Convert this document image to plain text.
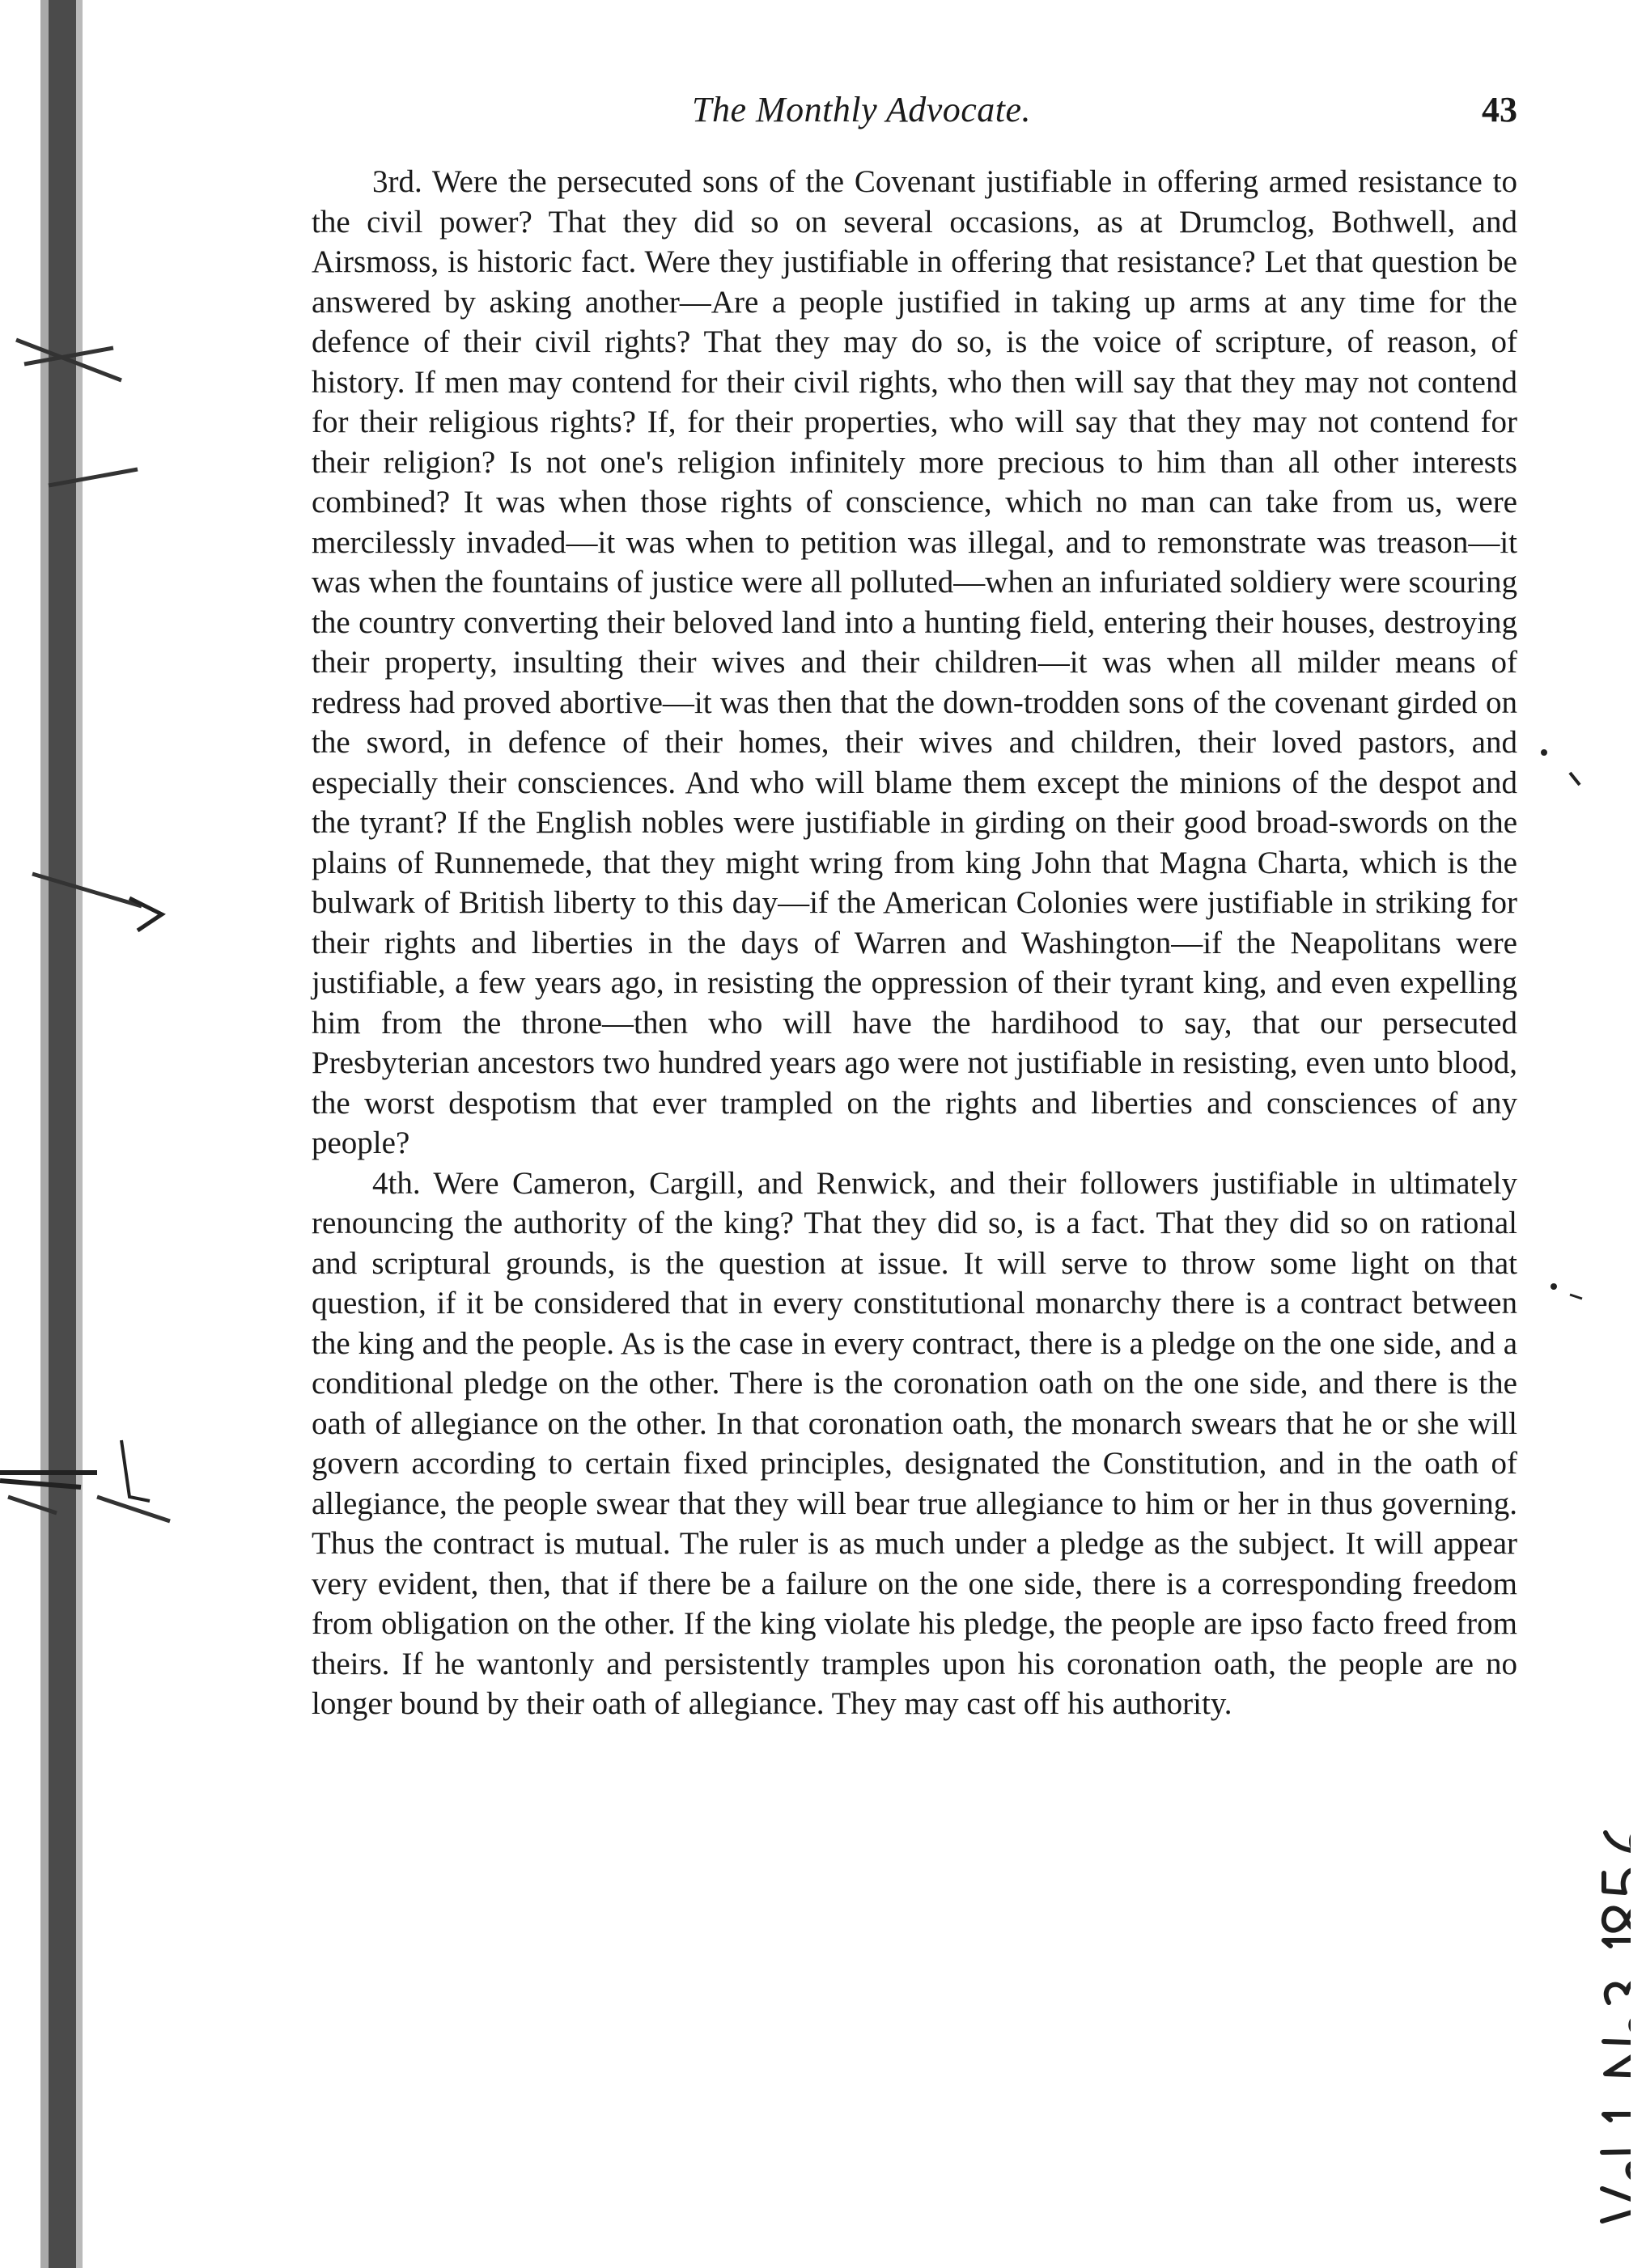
The Monthly Advocate.	43

3rd. Were the persecuted sons of the Covenant justifiable in offering armed resistance to the civil power? That they did so on several occasions, as at Drumclog, Bothwell, and Airsmoss, is historic fact. Were they justifiable in offering that resistance? Let that question be answered by asking another—Are a people justified in taking up arms at any time for the defence of their civil rights? That they may do so, is the voice of scripture, of reason, of history. If men may contend for their civil rights, who then will say that they may not contend for their religious rights? If, for their properties, who will say that they may not contend for their religion? Is not one's religion infinitely more precious to him than all other interests combined? It was when those rights of conscience, which no man can take from us, were mercilessly invaded—it was when to petition was illegal, and to remonstrate was treason—it was when the fountains of justice were all polluted—when an infuriated soldiery were scouring the country converting their beloved land into a hunting field, entering their houses, destroying their property, insulting their wives and their children—it was when all milder means of redress had proved abortive—it was then that the down-trodden sons of the covenant girded on the sword, in defence of their homes, their wives and children, their loved pastors, and especially their consciences. And who will blame them except the minions of the despot and the tyrant? If the English nobles were justifiable in girding on their good broad-swords on the plains of Runnemede, that they might wring from king John that Magna Charta, which is the bulwark of British liberty to this day—if the American Colonies were justifiable in striking for their rights and liberties in the days of Warren and Washington—if the Neapolitans were justifiable, a few years ago, in resisting the oppression of their tyrant king, and even expelling him from the throne—then who will have the hardihood to say, that our persecuted Presbyterian ancestors two hundred years ago were not justifiable in resisting, even unto blood, the worst despotism that ever trampled on the rights and liberties and consciences of any people?

4th. Were Cameron, Cargill, and Renwick, and their followers justifiable in ultimately renouncing the authority of the king? That they did so, is a fact. That they did so on rational and scriptural grounds, is the question at issue. It will serve to throw some light on that question, if it be considered that in every constitutional monarchy there is a contract between the king and the people. As is the case in every contract, there is a pledge on the one side, and a conditional pledge on the other. There is the coronation oath on the one side, and there is the oath of allegiance on the other. In that coronation oath, the monarch swears that he or she will govern according to certain fixed principles, designated the Constitution, and in the oath of allegiance, the people swear that they will bear true allegiance to him or her in thus governing. Thus the contract is mutual. The ruler is as much under a pledge as the subject. It will appear very evident, then, that if there be a failure on the one side, there is a corresponding freedom from obligation on the other. If the king violate his pledge, the people are ipso facto freed from theirs. If he wantonly and persistently tramples upon his coronation oath, the people are no longer bound by their oath of allegiance. They may cast off his authority.
